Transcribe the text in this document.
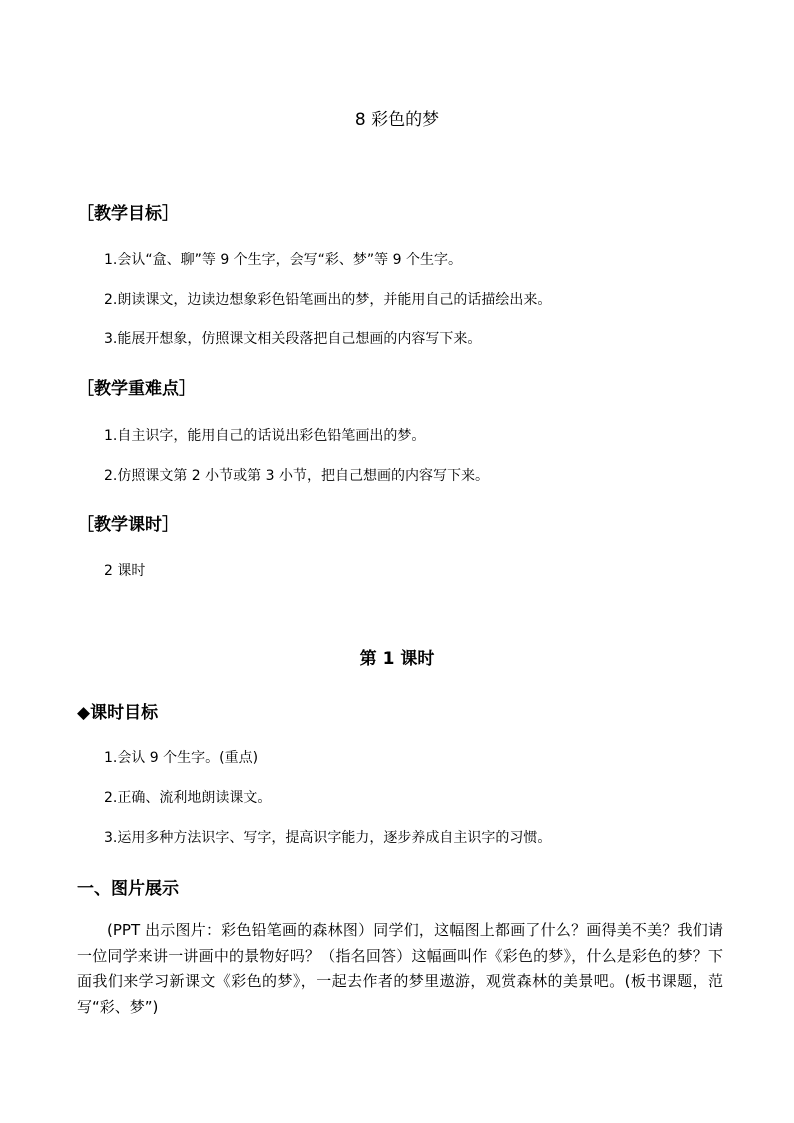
8 彩色的梦
［教学目标］
1.会认“盒、聊”等 9 个生字，会写“彩、梦”等 9 个生字。
2.朗读课文，边读边想象彩色铅笔画出的梦，并能用自己的话描绘出来。
3.能展开想象，仿照课文相关段落把自己想画的内容写下来。
［教学重难点］
1.自主识字，能用自己的话说出彩色铅笔画出的梦。
2.仿照课文第 2 小节或第 3 小节，把自己想画的内容写下来。
［教学课时］
2 课时
第 1 课时
◆课时目标
1.会认 9 个生字。(重点)
2.正确、流利地朗读课文。
3.运用多种方法识字、写字，提高识字能力，逐步养成自主识字的习惯。
一、图片展示
(PPT 出示图片：彩色铅笔画的森林图）同学们，这幅图上都画了什么？画得美不美？我们请一位同学来讲一讲画中的景物好吗？（指名回答）这幅画叫作《彩色的梦》，什么是彩色的梦？下面我们来学习新课文《彩色的梦》，一起去作者的梦里遨游，观赏森林的美景吧。(板书课题，范写“彩、梦”)
